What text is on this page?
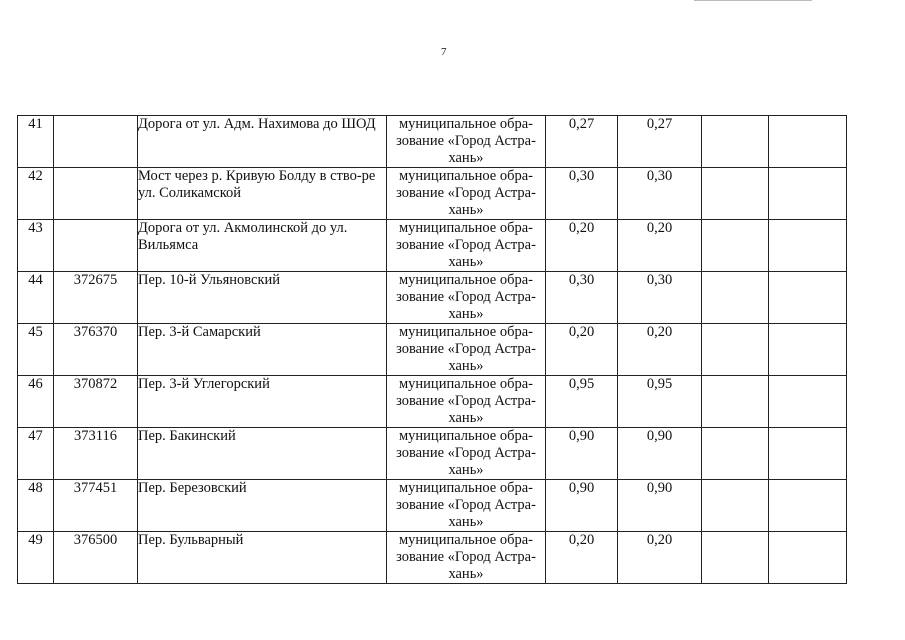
7
41		Дорога от ул. Адм. Нахимова до ШОД	муниципальное обра-зование «Город Астра-хань»	0,27	0,27		
42		Мост через р. Кривую Болду в ство-ре ул. Соликамской	муниципальное обра-зование «Город Астра-хань»	0,30	0,30		
43		Дорога от ул. Акмолинской до ул. Вильямса	муниципальное обра-зование «Город Астра-хань»	0,20	0,20		
44	372675	Пер. 10-й Ульяновский	муниципальное обра-зование «Город Астра-хань»	0,30	0,30		
45	376370	Пер. 3-й Самарский	муниципальное обра-зование «Город Астра-хань»	0,20	0,20		
46	370872	Пер. 3-й Углегорский	муниципальное обра-зование «Город Астра-хань»	0,95	0,95		
47	373116	Пер. Бакинский	муниципальное обра-зование «Город Астра-хань»	0,90	0,90		
48	377451	Пер. Березовский	муниципальное обра-зование «Город Астра-хань»	0,90	0,90		
49	376500	Пер. Бульварный	муниципальное обра-зование «Город Астра-хань»	0,20	0,20		
